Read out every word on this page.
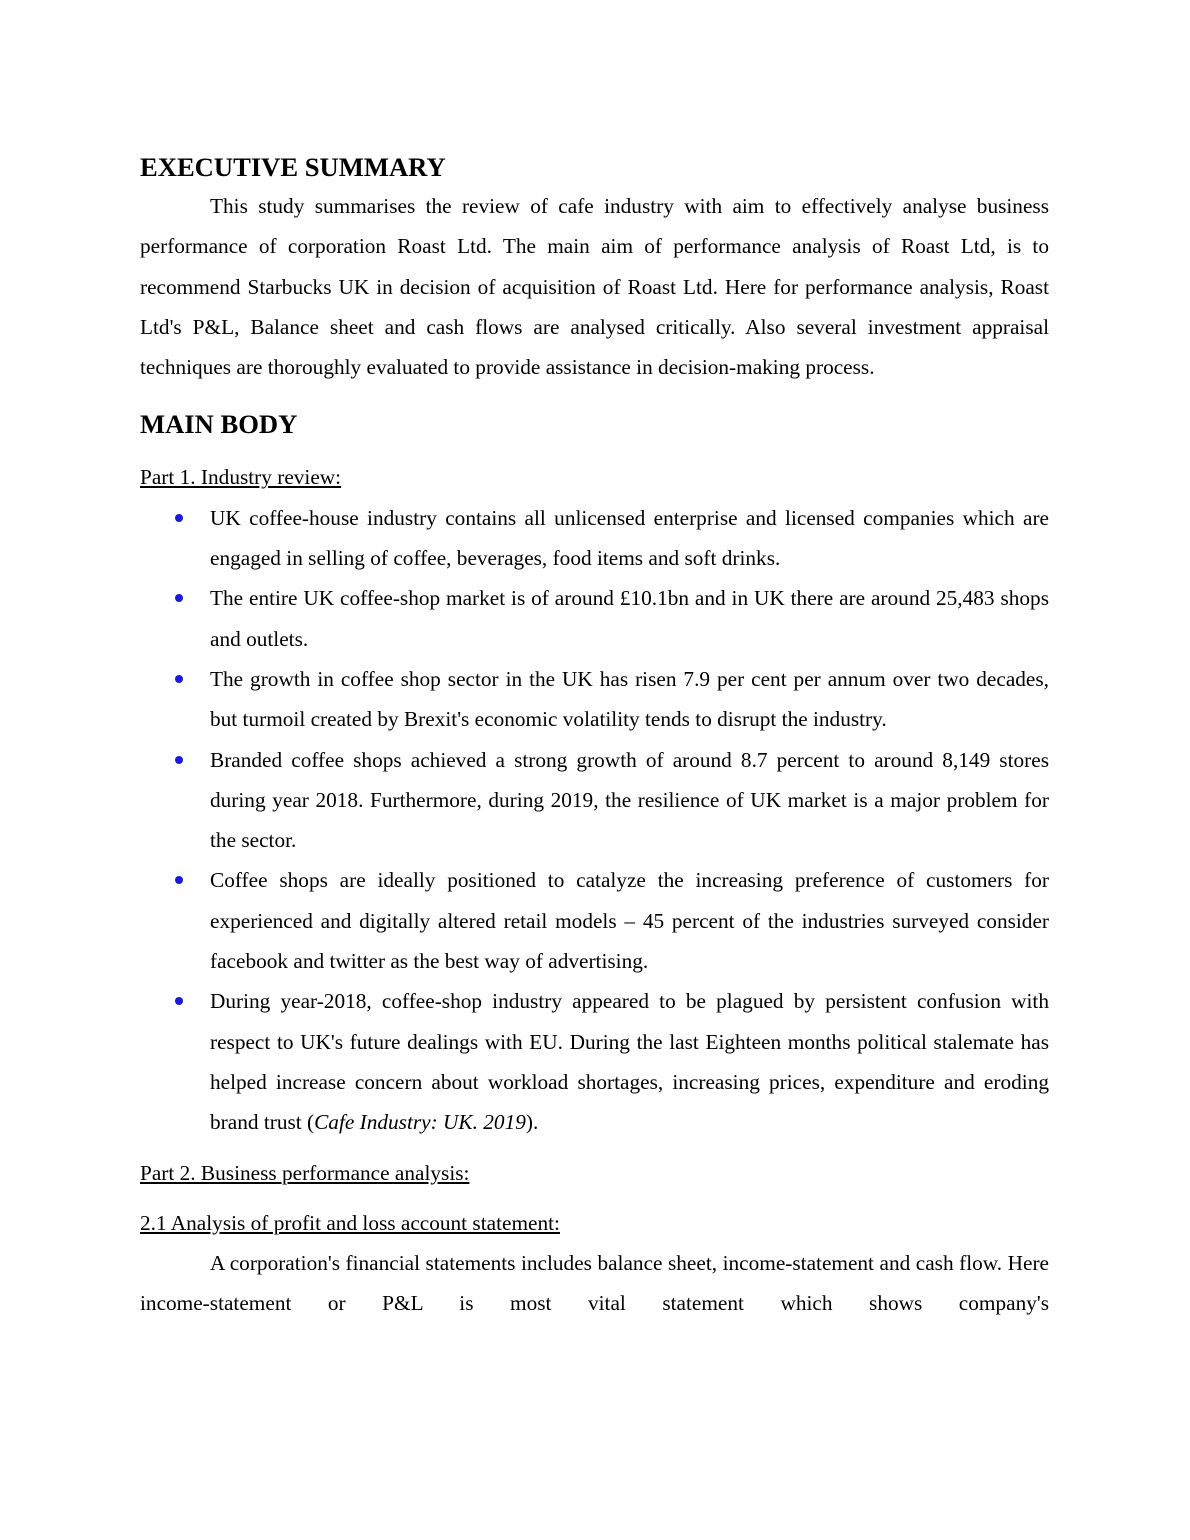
EXECUTIVE SUMMARY

This study summarises the review of cafe industry with aim to effectively analyse business performance of corporation Roast Ltd. The main aim of performance analysis of Roast Ltd, is to recommend Starbucks UK in decision of acquisition of Roast Ltd. Here for performance analysis, Roast Ltd's P&L, Balance sheet and cash flows are analysed critically. Also several investment appraisal techniques are thoroughly evaluated to provide assistance in decision-making process.

MAIN BODY

Part 1. Industry review:

UK coffee-house industry contains all unlicensed enterprise and licensed companies which are engaged in selling of coffee, beverages, food items and soft drinks.
The entire UK coffee-shop market is of around £10.1bn and in UK there are around 25,483 shops and outlets.
The growth in coffee shop sector in the UK has risen 7.9 per cent per annum over two decades, but turmoil created by Brexit's economic volatility tends to disrupt the industry.
Branded coffee shops achieved a strong growth of around 8.7 percent to around 8,149 stores during year 2018. Furthermore, during 2019, the resilience of UK market is a major problem for the sector.
Coffee shops are ideally positioned to catalyze the increasing preference of customers for experienced and digitally altered retail models – 45 percent of the industries surveyed consider facebook and twitter as the best way of advertising.
During year-2018, coffee-shop industry appeared to be plagued by persistent confusion with respect to UK's future dealings with EU. During the last Eighteen months political stalemate has helped increase concern about workload shortages, increasing prices, expenditure and eroding brand trust (Cafe Industry: UK. 2019).

Part 2. Business performance analysis:

2.1 Analysis of profit and loss account statement:

A corporation's financial statements includes balance sheet, income-statement and cash flow. Here income-statement or P&L is most vital statement which shows company's
